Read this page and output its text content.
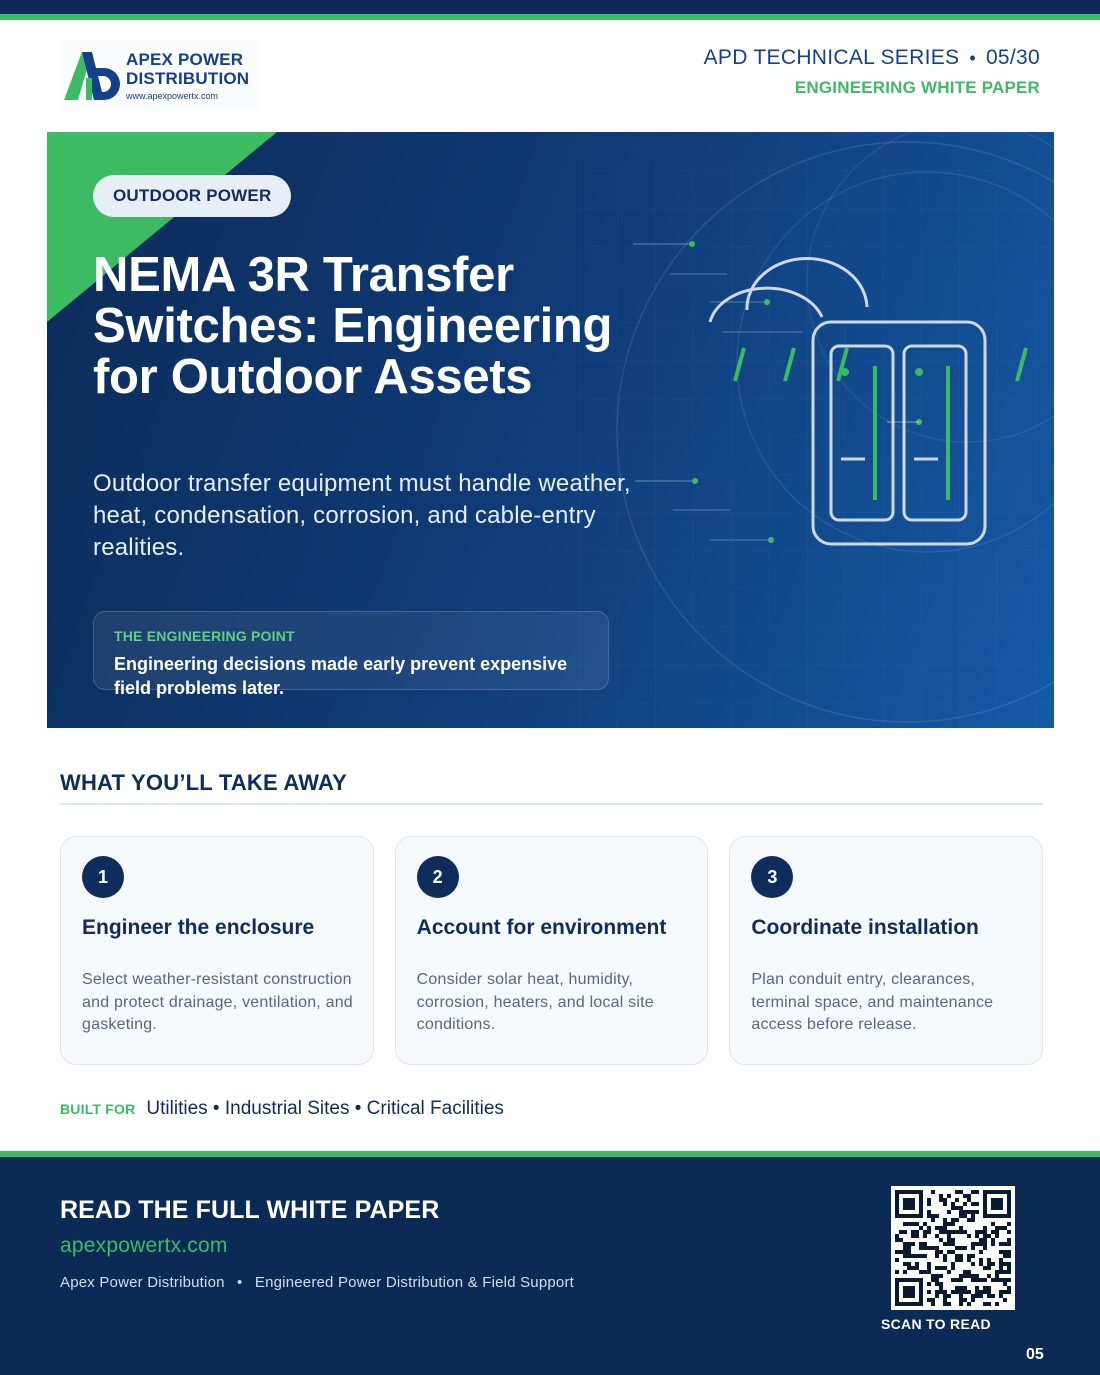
APEX POWER
DISTRIBUTION
www.apexpowertx.com
APD TECHNICAL SERIES • 05/30
ENGINEERING WHITE PAPER
OUTDOOR POWER
NEMA 3R Transfer Switches: Engineering for Outdoor Assets

Outdoor transfer equipment must handle weather, heat, condensation, corrosion, and cable-entry realities.

THE ENGINEERING POINT
Engineering decisions made early prevent expensive field problems later.
WHAT YOU’LL TAKE AWAY
1
Engineer the enclosure
Select weather-resistant construction and protect drainage, ventilation, and gasketing.
2
Account for environment
Consider solar heat, humidity, corrosion, heaters, and local site conditions.
3
Coordinate installation
Plan conduit entry, clearances, terminal space, and maintenance access before release.
BUILT FOR Utilities • Industrial Sites • Critical Facilities
READ THE FULL WHITE PAPER
apexpowertx.com
Apex Power Distribution • Engineered Power Distribution & Field Support
SCAN TO READ
05
